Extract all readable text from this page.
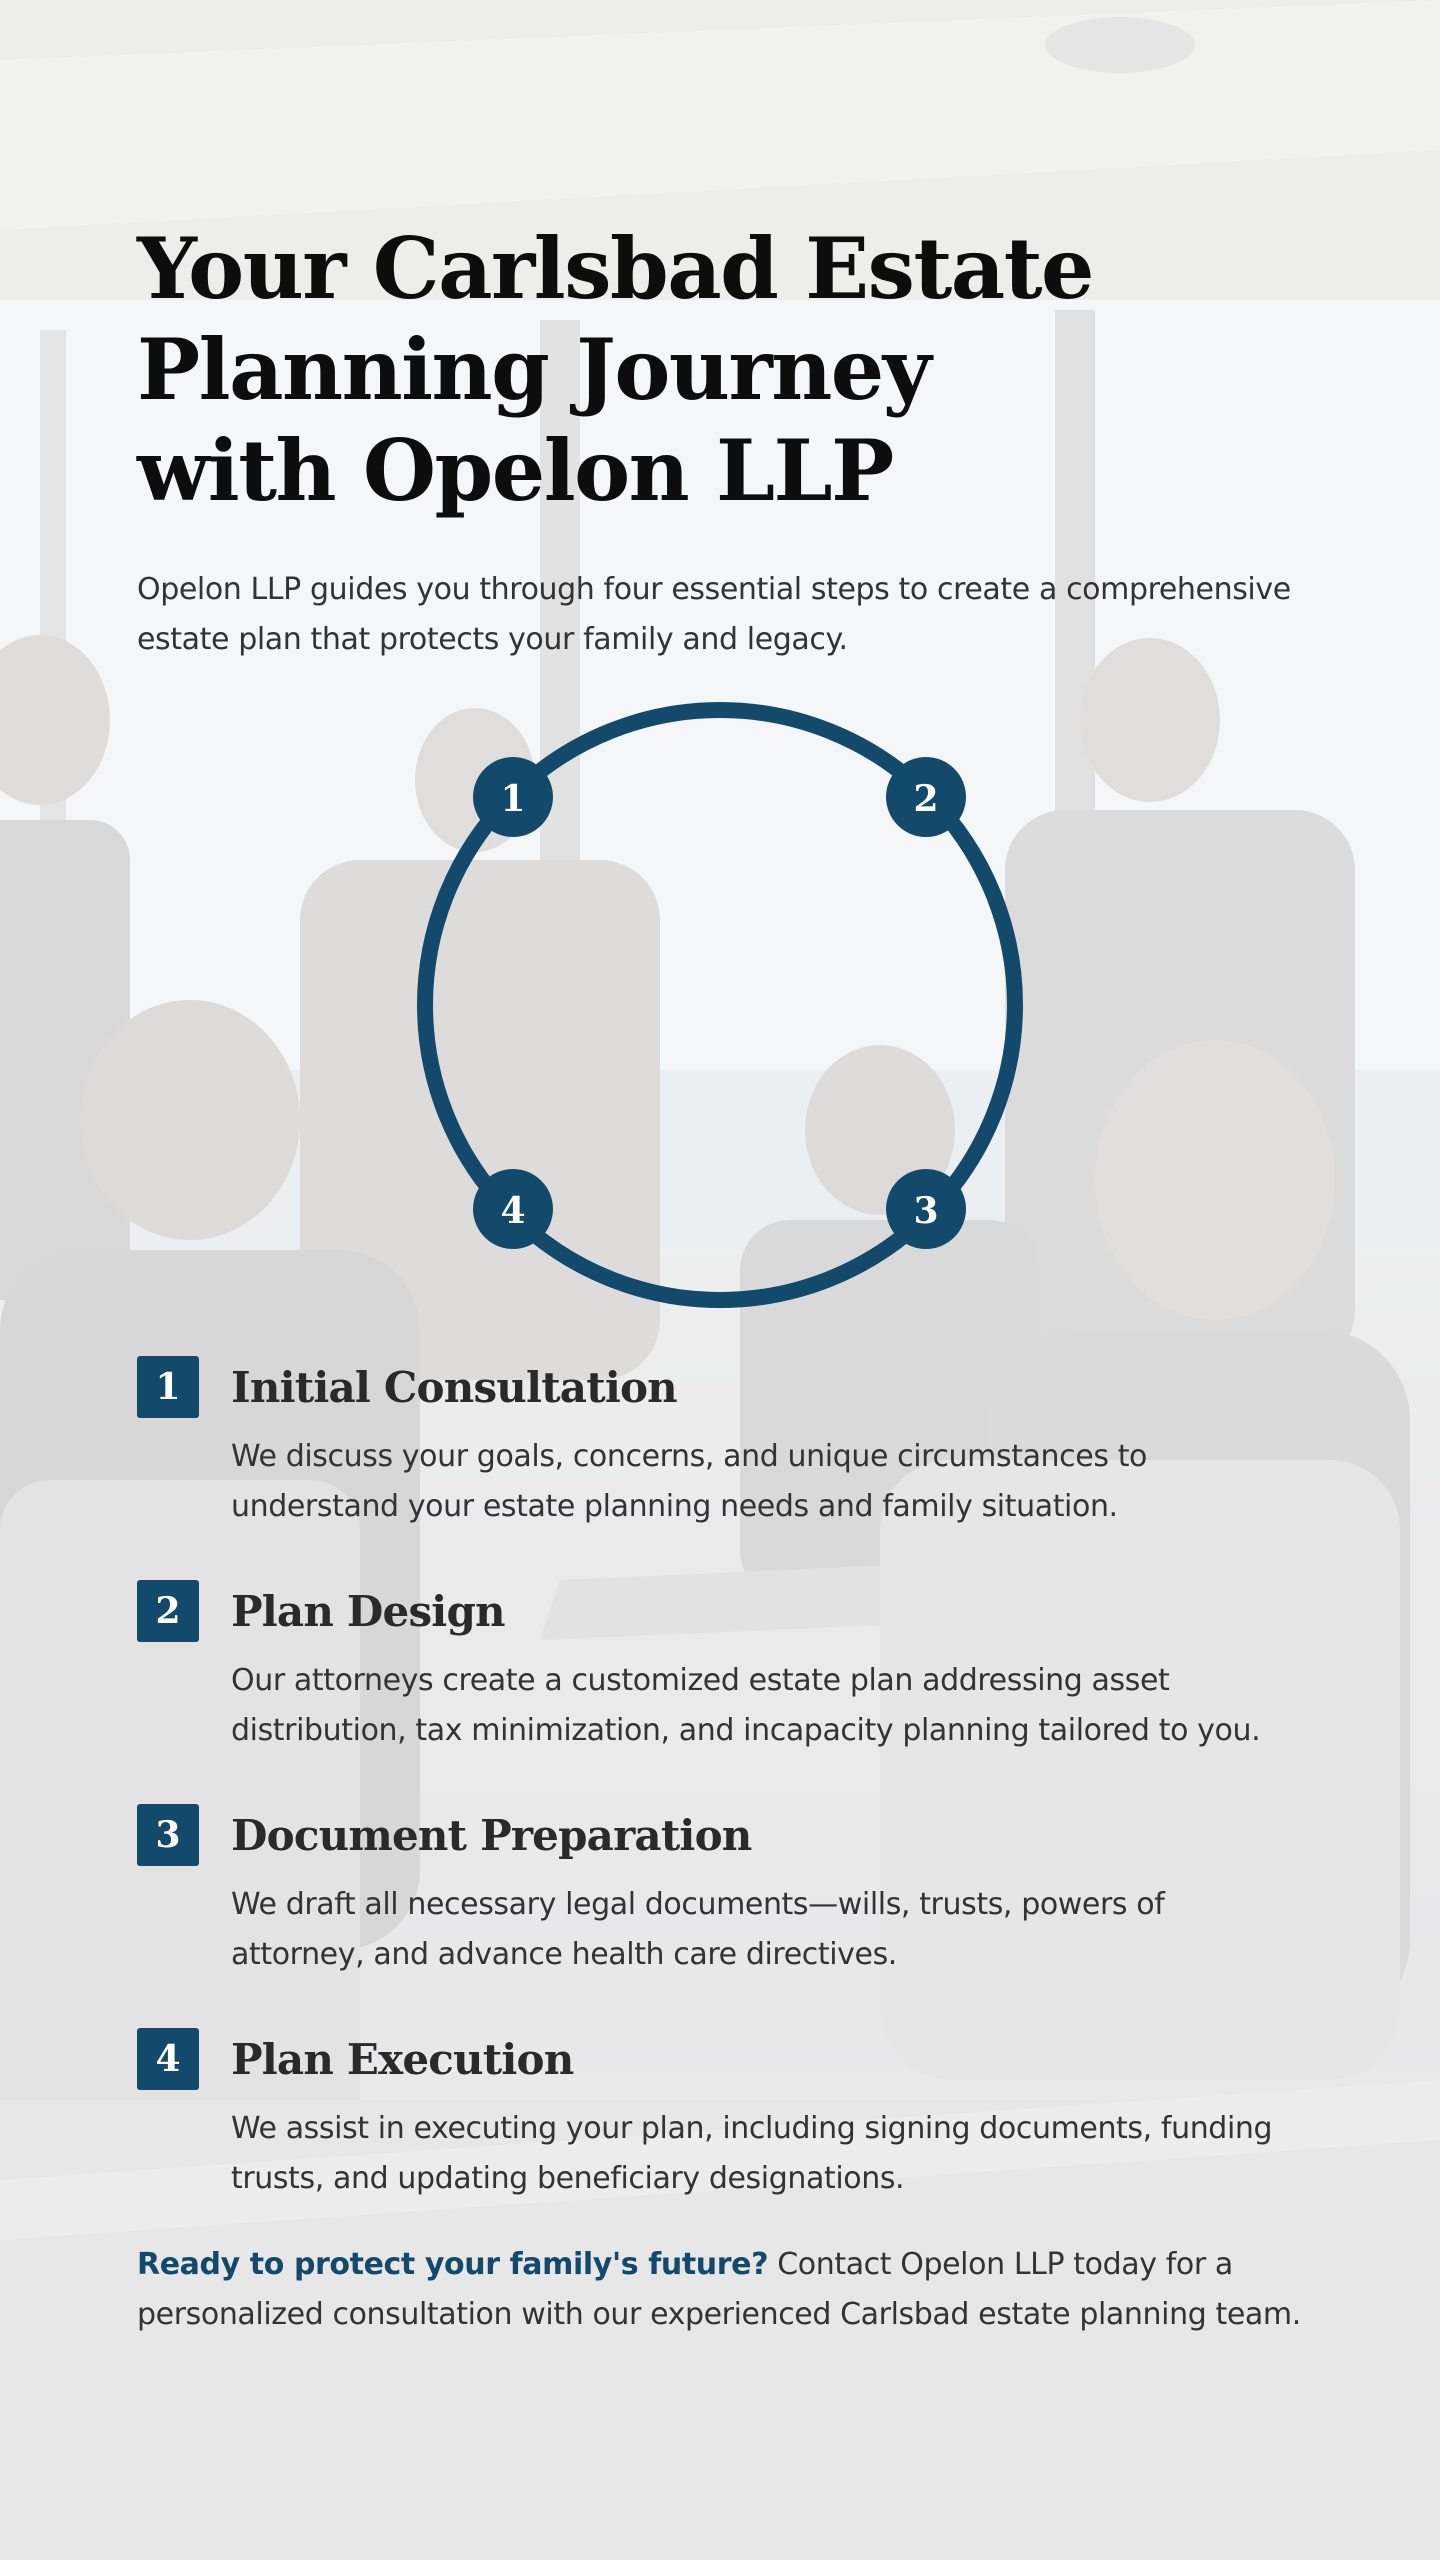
Your Carlsbad Estate Planning Journey with Opelon LLP

Opelon LLP guides you through four essential steps to create a comprehensive estate plan that protects your family and legacy.

1	2
3
4
1	Initial Consultation

We discuss your goals, concerns, and unique circumstances to understand your estate planning needs and family situation.

2	Plan Design

Our attorneys create a customized estate plan addressing asset distribution, tax minimization, and incapacity planning tailored to you.

3	Document Preparation

We draft all necessary legal documents—wills, trusts, powers of attorney, and advance health care directives.

4	Plan Execution

We assist in executing your plan, including signing documents, funding trusts, and updating beneficiary designations.

Ready to protect your family's future? Contact Opelon LLP today for a personalized consultation with our experienced Carlsbad estate planning team.
